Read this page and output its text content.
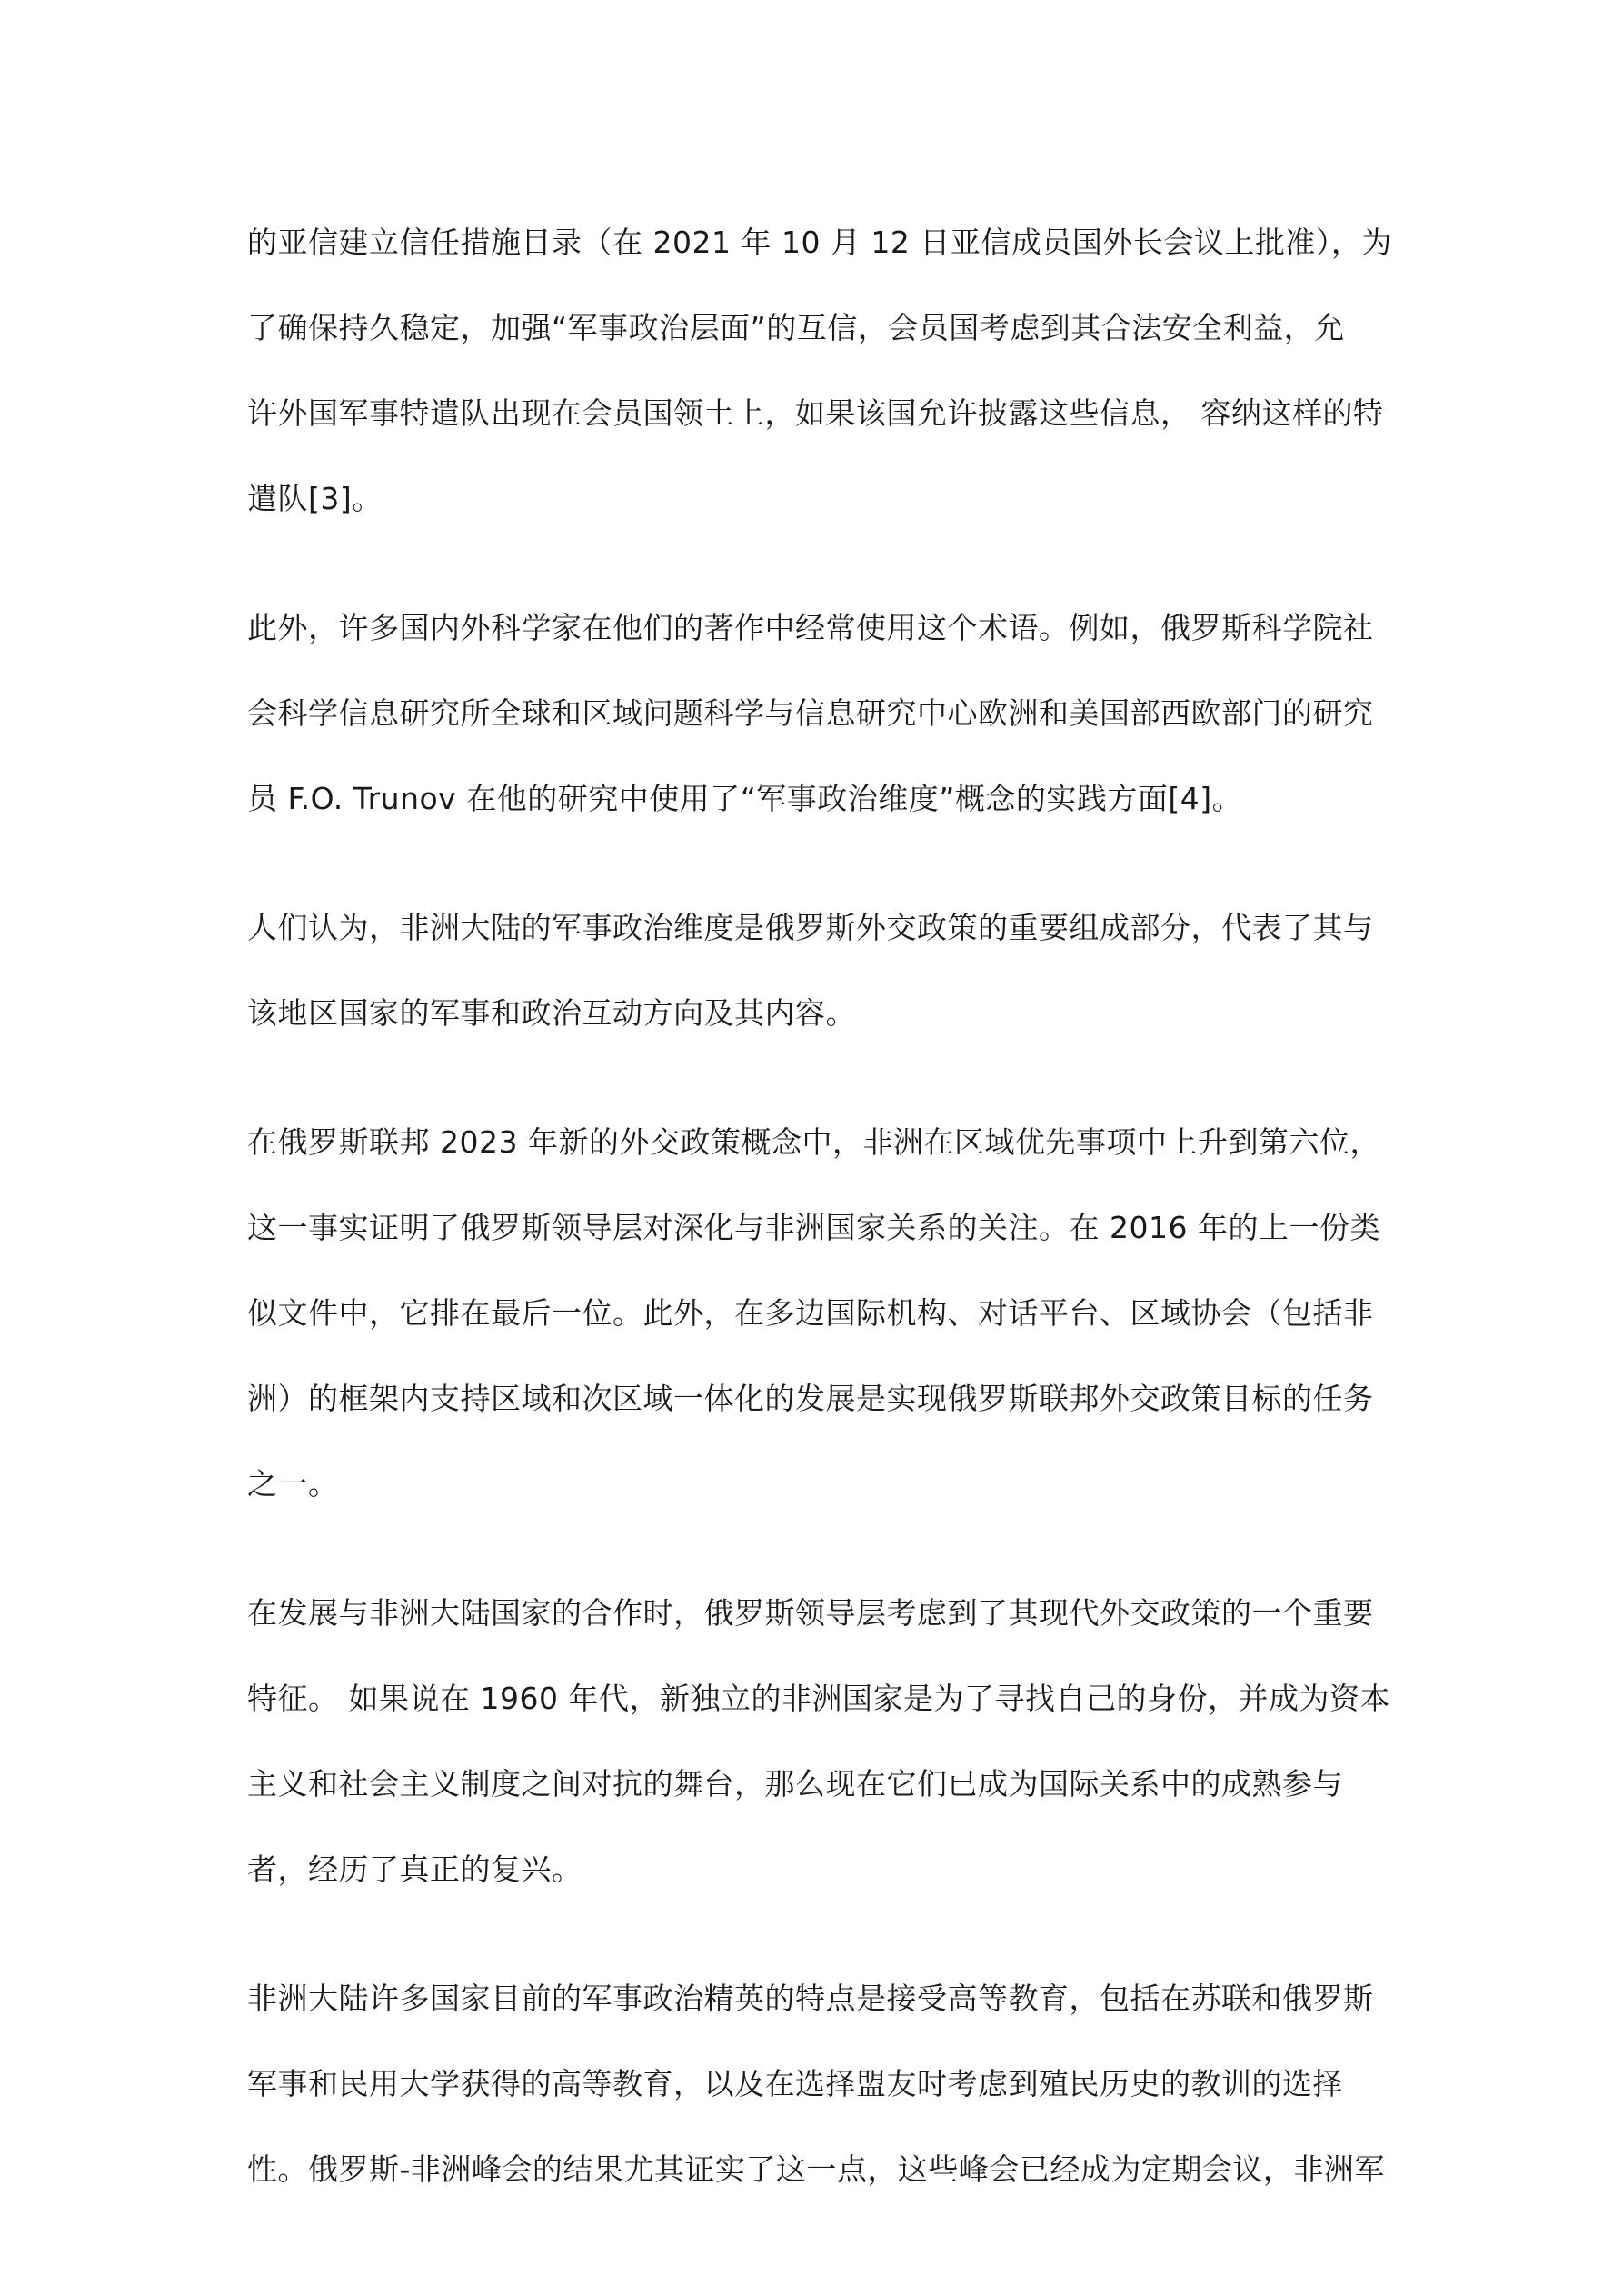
的亚信建立信任措施目录（在 2021 年 10 月 12 日亚信成员国外长会议上批准），为
了确保持久稳定，加强“军事政治层面”的互信，会员国考虑到其合法安全利益，允
许外国军事特遣队出现在会员国领土上，如果该国允许披露这些信息， 容纳这样的特
遣队[3]。
此外，许多国内外科学家在他们的著作中经常使用这个术语。例如，俄罗斯科学院社
会科学信息研究所全球和区域问题科学与信息研究中心欧洲和美国部西欧部门的研究
员 F.O. Trunov 在他的研究中使用了“军事政治维度”概念的实践方面[4]。
人们认为，非洲大陆的军事政治维度是俄罗斯外交政策的重要组成部分，代表了其与
该地区国家的军事和政治互动方向及其内容。
在俄罗斯联邦 2023 年新的外交政策概念中，非洲在区域优先事项中上升到第六位，
这一事实证明了俄罗斯领导层对深化与非洲国家关系的关注。在 2016 年的上一份类
似文件中，它排在最后一位。此外，在多边国际机构、对话平台、区域协会（包括非
洲）的框架内支持区域和次区域一体化的发展是实现俄罗斯联邦外交政策目标的任务
之一。
在发展与非洲大陆国家的合作时，俄罗斯领导层考虑到了其现代外交政策的一个重要
特征。 如果说在 1960 年代，新独立的非洲国家是为了寻找自己的身份，并成为资本
主义和社会主义制度之间对抗的舞台，那么现在它们已成为国际关系中的成熟参与
者，经历了真正的复兴。
非洲大陆许多国家目前的军事政治精英的特点是接受高等教育，包括在苏联和俄罗斯
军事和民用大学获得的高等教育，以及在选择盟友时考虑到殖民历史的教训的选择
性。俄罗斯-非洲峰会的结果尤其证实了这一点，这些峰会已经成为定期会议，非洲军
